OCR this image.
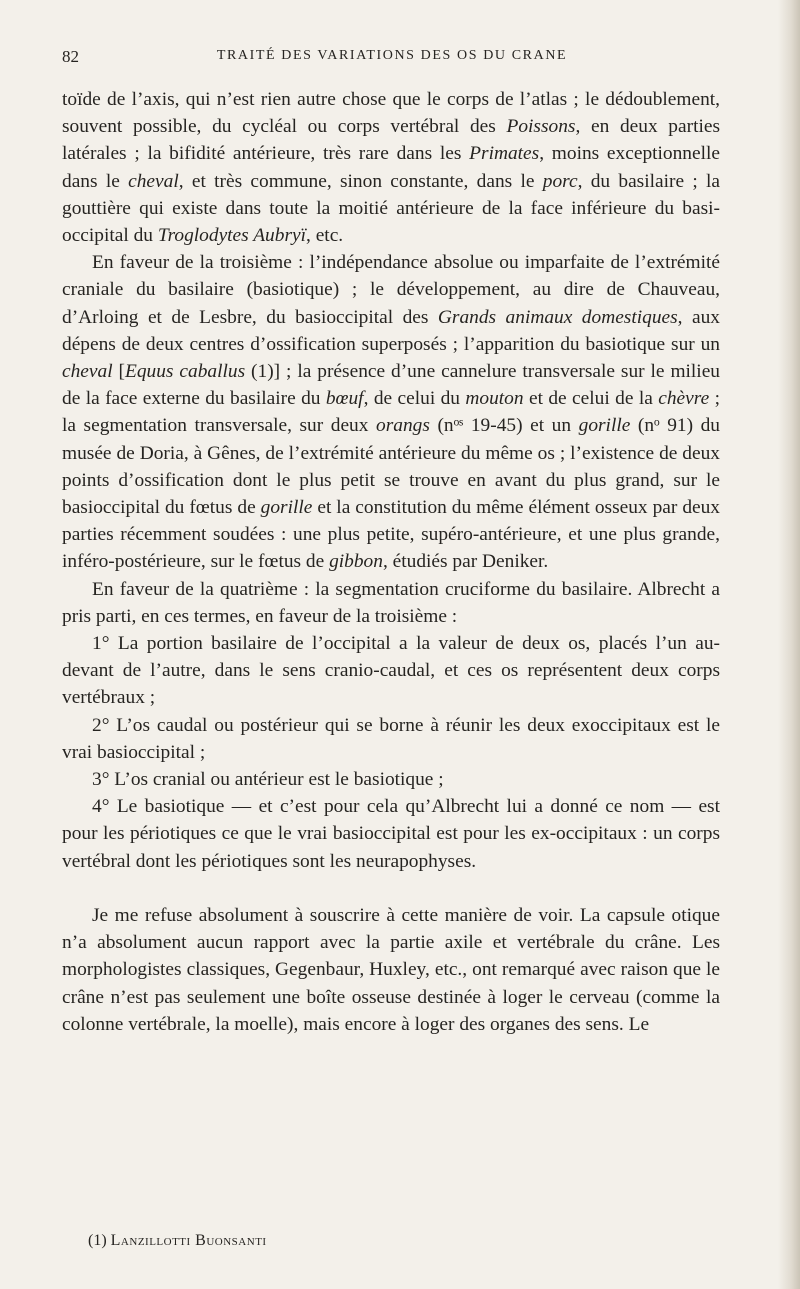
82	TRAITÉ DES VARIATIONS DES OS DU CRANE

toïde de l’axis, qui n’est rien autre chose que le corps de l’atlas ; le dédoublement, souvent possible, du cycléal ou corps vertébral des Poissons, en deux parties latérales ; la bifidité antérieure, très rare dans les Primates, moins exceptionnelle dans le cheval, et très commune, sinon constante, dans le porc, du basilaire ; la gouttière qui existe dans toute la moitié antérieure de la face inférieure du basi-occipital du Troglodytes Aubryï, etc.

En faveur de la troisième : l’indépendance absolue ou imparfaite de l’extrémité craniale du basilaire (basiotique) ; le développement, au dire de Chauveau, d’Arloing et de Lesbre, du basioccipital des Grands animaux domestiques, aux dépens de deux centres d’ossification superposés ; l’apparition du basiotique sur un cheval [Equus caballus (1)] ; la présence d’une cannelure transversale sur le milieu de la face externe du basilaire du bœuf, de celui du mouton et de celui de la chèvre ; la segmentation transversale, sur deux orangs (nᵒˢ 19-45) et un gorille (nᵒ 91) du musée de Doria, à Gênes, de l’extrémité antérieure du même os ; l’existence de deux points d’ossification dont le plus petit se trouve en avant du plus grand, sur le basioccipital du fœtus de gorille et la constitution du même élément osseux par deux parties récemment soudées : une plus petite, supéro-antérieure, et une plus grande, inféro-postérieure, sur le fœtus de gibbon, étudiés par Deniker.

En faveur de la quatrième : la segmentation cruciforme du basilaire. Albrecht a pris parti, en ces termes, en faveur de la troisième :

1° La portion basilaire de l’occipital a la valeur de deux os, placés l’un au-devant de l’autre, dans le sens cranio-caudal, et ces os représentent deux corps vertébraux ;

2° L’os caudal ou postérieur qui se borne à réunir les deux exoccipitaux est le vrai basioccipital ;

3° L’os cranial ou antérieur est le basiotique ;

4° Le basiotique — et c’est pour cela qu’Albrecht lui a donné ce nom — est pour les périotiques ce que le vrai basioccipital est pour les ex-occipitaux : un corps vertébral dont les périotiques sont les neurapophyses.

Je me refuse absolument à souscrire à cette manière de voir. La capsule otique n’a absolument aucun rapport avec la partie axile et vertébrale du crâne. Les morphologistes classiques, Gegenbaur, Huxley, etc., ont remarqué avec raison que le crâne n’est pas seulement une boîte osseuse destinée à loger le cerveau (comme la colonne vertébrale, la moelle), mais encore à loger des organes des sens. Le

(1) Lanzillotti Buonsanti
